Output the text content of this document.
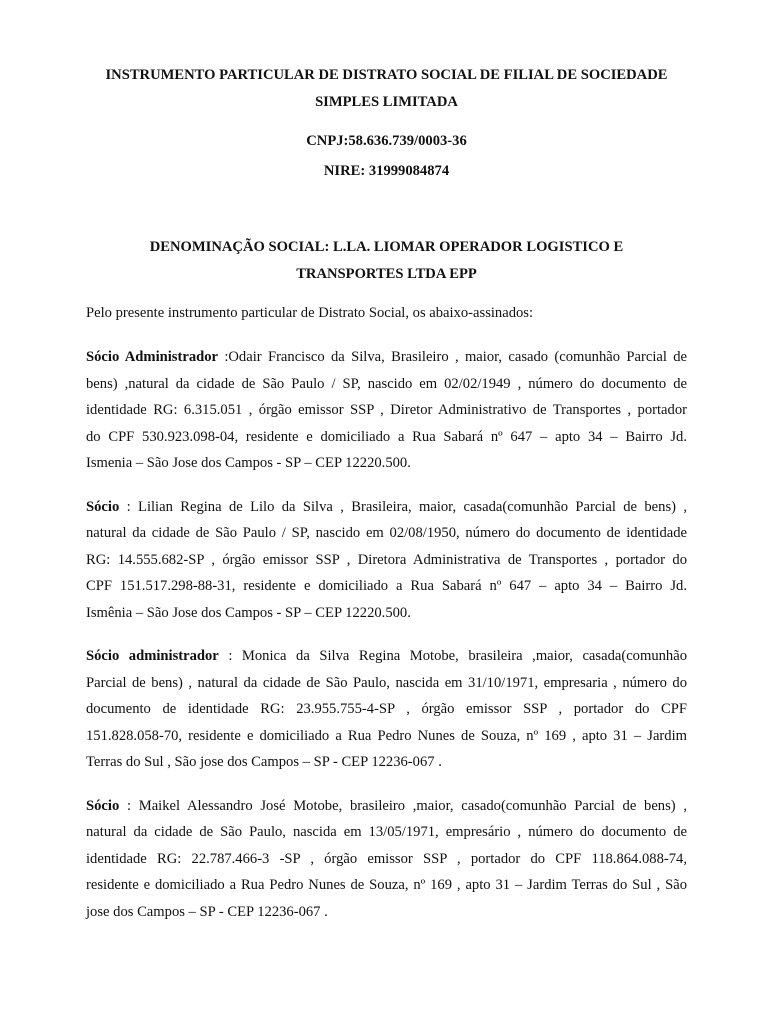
INSTRUMENTO PARTICULAR DE DISTRATO SOCIAL DE FILIAL DE SOCIEDADE
SIMPLES LIMITADA
CNPJ:58.636.739/0003-36
NIRE: 31999084874
DENOMINAÇÃO SOCIAL: L.LA. LIOMAR OPERADOR LOGISTICO E
TRANSPORTES LTDA EPP
Pelo presente instrumento particular de Distrato Social, os abaixo-assinados:
Sócio Administrador :Odair Francisco da Silva, Brasileiro , maior, casado (comunhão Parcial de
bens) ,natural da cidade de São Paulo / SP, nascido em 02/02/1949 , número do documento de
identidade RG: 6.315.051 , órgão emissor SSP , Diretor Administrativo de Transportes , portador
do CPF 530.923.098-04, residente e domiciliado a Rua Sabará nº 647 – apto 34 – Bairro Jd.
Ismenia – São Jose dos Campos - SP – CEP 12220.500.
Sócio : Lilian Regina de Lilo da Silva , Brasileira, maior, casada(comunhão Parcial de bens) ,
natural da cidade de São Paulo / SP, nascido em 02/08/1950, número do documento de identidade
RG: 14.555.682-SP , órgão emissor SSP , Diretora Administrativa de Transportes , portador do
CPF 151.517.298-88-31, residente e domiciliado a Rua Sabará nº 647 – apto 34 – Bairro Jd.
Ismênia – São Jose dos Campos - SP – CEP 12220.500.
Sócio administrador : Monica da Silva Regina Motobe, brasileira ,maior, casada(comunhão
Parcial de bens) , natural da cidade de São Paulo, nascida em 31/10/1971, empresaria , número do
documento de identidade RG: 23.955.755-4-SP , órgão emissor SSP , portador do CPF
151.828.058-70, residente e domiciliado a Rua Pedro Nunes de Souza, nº 169 , apto 31 – Jardim
Terras do Sul , São jose dos Campos – SP - CEP 12236-067 .
Sócio : Maikel Alessandro José Motobe, brasileiro ,maior, casado(comunhão Parcial de bens) ,
natural da cidade de São Paulo, nascida em 13/05/1971, empresário , número do documento de
identidade RG: 22.787.466-3 -SP , órgão emissor SSP , portador do CPF 118.864.088-74,
residente e domiciliado a Rua Pedro Nunes de Souza, nº 169 , apto 31 – Jardim Terras do Sul , São
jose dos Campos – SP - CEP 12236-067 .
